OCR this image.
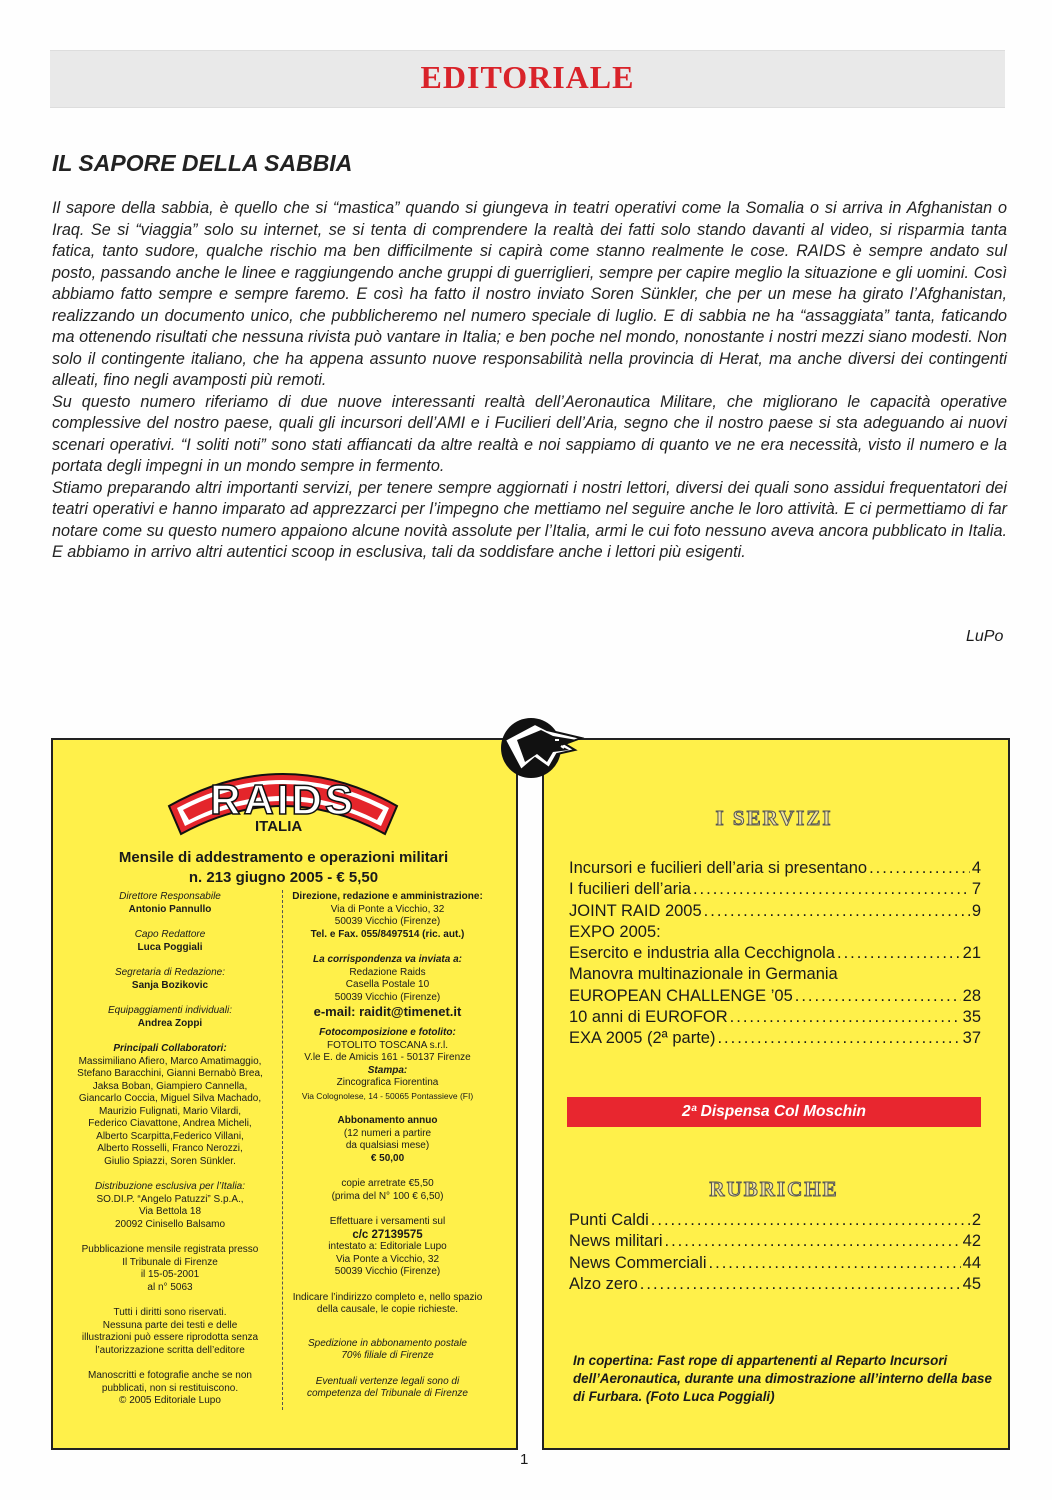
EDITORIALE
IL SAPORE DELLA SABBIA

Il sapore della sabbia, è quello che si “mastica” quando si giungeva in teatri operativi come la Somalia o si arriva in Afghanistan o Iraq. Se si “viaggia” solo su internet, se si tenta di comprendere la realtà dei fatti solo stando davanti al video, si risparmia tanta fatica, tanto sudore, qualche rischio ma ben difficilmente si capirà come stanno realmente le cose. RAIDS è sempre andato sul posto, passando anche le linee e raggiungendo anche gruppi di guerriglieri, sempre per capire meglio la situazione e gli uomini. Così abbiamo fatto sempre e sempre faremo. E così ha fatto il nostro inviato Soren Sünkler, che per un mese ha girato l’Afghanistan, realizzando un documento unico, che pubblicheremo nel numero speciale di luglio. E di sabbia ne ha “assaggiata” tanta, faticando ma ottenendo risultati che nessuna rivista può vantare in Italia; e ben poche nel mondo, nonostante i nostri mezzi siano modesti. Non solo il contingente italiano, che ha appena assunto nuove responsabilità nella provincia di Herat, ma anche diversi dei contingenti alleati, fino negli avamposti più remoti.

Su questo numero riferiamo di due nuove interessanti realtà dell’Aeronautica Militare, che migliorano le capacità operative complessive del nostro paese, quali gli incursori dell’AMI e i Fucilieri dell’Aria, segno che il nostro paese si sta adeguando ai nuovi scenari operativi. “I soliti noti” sono stati affiancati da altre realtà e noi sappiamo di quanto ve ne era necessità, visto il numero e la portata degli impegni in un mondo sempre in fermento.

Stiamo preparando altri importanti servizi, per tenere sempre aggiornati i nostri lettori, diversi dei quali sono assidui frequentatori dei teatri operativi e hanno imparato ad apprezzarci per l’impegno che mettiamo nel seguire anche le loro attività. E ci permettiamo di far notare come su questo numero appaiono alcune novità assolute per l’Italia, armi le cui foto nessuno aveva ancora pubblicato in Italia. E abbiamo in arrivo altri autentici scoop in esclusiva, tali da soddisfare anche i lettori più esigenti.

LuPo
RAIDS
ITALIA
Mensile di addestramento e operazioni militari
n. 213 giugno 2005 - € 5,50
Direttore Responsabile
Antonio Pannullo
Capo Redattore
Luca Poggiali
Segretaria di Redazione:
Sanja Bozikovic
Equipaggiamenti individuali:
Andrea Zoppi
Principali Collaboratori:
Massimiliano Afiero, Marco Amatimaggio,
Stefano Baracchini, Gianni Bernabò Brea,
Jaksa Boban, Giampiero Cannella,
Giancarlo Coccia, Miguel Silva Machado,
Maurizio Fulignati, Mario Vilardi,
Federico Ciavattone, Andrea Micheli,
Alberto Scarpitta,Federico Villani,
Alberto Rosselli, Franco Nerozzi,
Giulio Spiazzi, Soren Sünkler.
Distribuzione esclusiva per l’Italia:
SO.DI.P. “Angelo Patuzzi” S.p.A.,
Via Bettola 18
20092 Cinisello Balsamo
Pubblicazione mensile registrata presso
Il Tribunale di Firenze
il 15-05-2001
al n° 5063
Tutti i diritti sono riservati.
Nessuna parte dei testi e delle
illustrazioni può essere riprodotta senza
l’autorizzazione scritta dell’editore
Manoscritti e fotografie anche se non
pubblicati, non si restituiscono.
© 2005 Editoriale Lupo
Direzione, redazione e amministrazione:
Via di Ponte a Vicchio, 32
50039 Vicchio (Firenze)
Tel. e Fax. 055/8497514 (ric. aut.)
La corrispondenza va inviata a:
Redazione Raids
Casella Postale 10
50039 Vicchio (Firenze)
e-mail: raidit@timenet.it
Fotocomposizione e fotolito:
FOTOLITO TOSCANA s.r.l.
V.le E. de Amicis 161 - 50137 Firenze
Stampa:
Zincografica Fiorentina
Via Colognolese, 14 - 50065 Pontassieve (FI)
Abbonamento annuo
(12 numeri a partire
da qualsiasi mese)
€ 50,00
copie arretrate €5,50
(prima del N° 100 € 6,50)
Effettuare i versamenti sul
c/c 27139575
intestato a: Editoriale Lupo
Via Ponte a Vicchio, 32
50039 Vicchio (Firenze)
Indicare l’indirizzo completo e, nello spazio
della causale, le copie richieste.
Spedizione in abbonamento postale
70% filiale di Firenze
Eventuali vertenze legali sono di
competenza del Tribunale di Firenze
I SERVIZI
Incursori e fucilieri dell’aria si presentano .....	4
I fucilieri dell’aria .....	7
JOINT RAID 2005 .....	9
EXPO 2005:
Esercito e industria alla Cecchignola .....	21
Manovra multinazionale in Germania
EUROPEAN CHALLENGE ’05 .....	28
10 anni di EUROFOR .....	35
EXA 2005 (2ª parte) .....	37
2ª Dispensa Col Moschin
RUBRICHE
Punti Caldi .....	2
News militari .....	42
News Commerciali .....	44
Alzo zero .....	45
In copertina: Fast rope di appartenenti al Reparto Incursori dell’Aeronautica, durante una dimostrazione all’interno della base di Furbara. (Foto Luca Poggiali)
1
